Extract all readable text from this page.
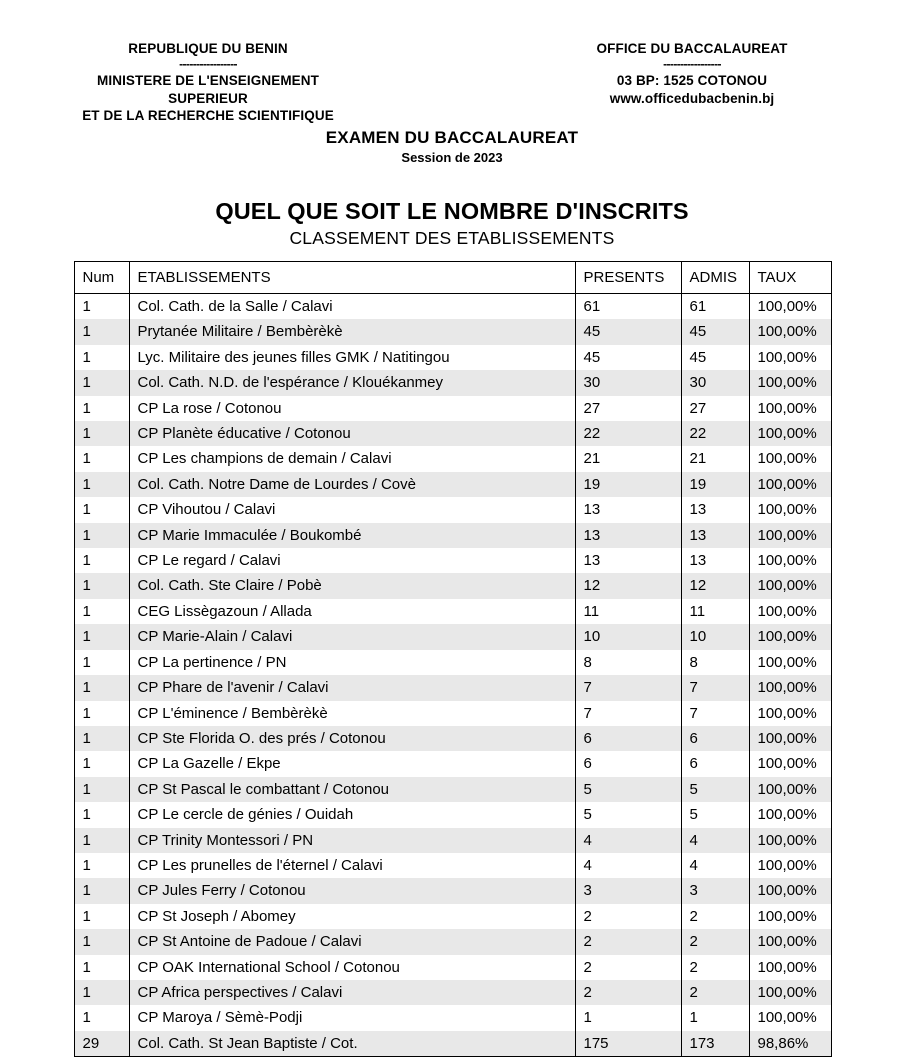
REPUBLIQUE DU BENIN
-----------------
MINISTERE DE L'ENSEIGNEMENT
SUPERIEUR
ET DE LA RECHERCHE SCIENTIFIQUE
OFFICE DU BACCALAUREAT
-----------------
03 BP: 1525 COTONOU
www.officedubacbenin.bj
EXAMEN DU BACCALAUREAT
Session de 2023
QUEL QUE SOIT LE NOMBRE D'INSCRITS
CLASSEMENT DES ETABLISSEMENTS
Num	ETABLISSEMENTS	PRESENTS	ADMIS	TAUX
1	Col. Cath. de la Salle / Calavi	61	61	100,00%
1	Prytanée Militaire / Bembèrèkè	45	45	100,00%
1	Lyc. Militaire des jeunes filles GMK / Natitingou	45	45	100,00%
1	Col. Cath. N.D. de l'espérance / Klouékanmey	30	30	100,00%
1	CP La rose / Cotonou	27	27	100,00%
1	CP Planète éducative / Cotonou	22	22	100,00%
1	CP Les champions de demain / Calavi	21	21	100,00%
1	Col. Cath. Notre Dame de Lourdes / Covè	19	19	100,00%
1	CP Vihoutou / Calavi	13	13	100,00%
1	CP Marie Immaculée / Boukombé	13	13	100,00%
1	CP Le regard / Calavi	13	13	100,00%
1	Col. Cath. Ste Claire / Pobè	12	12	100,00%
1	CEG Lissègazoun / Allada	11	11	100,00%
1	CP Marie-Alain / Calavi	10	10	100,00%
1	CP La pertinence / PN	8	8	100,00%
1	CP Phare de l'avenir / Calavi	7	7	100,00%
1	CP L'éminence / Bembèrèkè	7	7	100,00%
1	CP Ste Florida O. des prés / Cotonou	6	6	100,00%
1	CP La Gazelle / Ekpe	6	6	100,00%
1	CP St Pascal le combattant / Cotonou	5	5	100,00%
1	CP Le cercle de génies / Ouidah	5	5	100,00%
1	CP Trinity Montessori / PN	4	4	100,00%
1	CP Les prunelles de l'éternel / Calavi	4	4	100,00%
1	CP Jules Ferry / Cotonou	3	3	100,00%
1	CP St Joseph / Abomey	2	2	100,00%
1	CP St Antoine de Padoue / Calavi	2	2	100,00%
1	CP OAK International School / Cotonou	2	2	100,00%
1	CP Africa perspectives / Calavi	2	2	100,00%
1	CP Maroya / Sèmè-Podji	1	1	100,00%
29	Col. Cath. St Jean Baptiste / Cot.	175	173	98,86%
